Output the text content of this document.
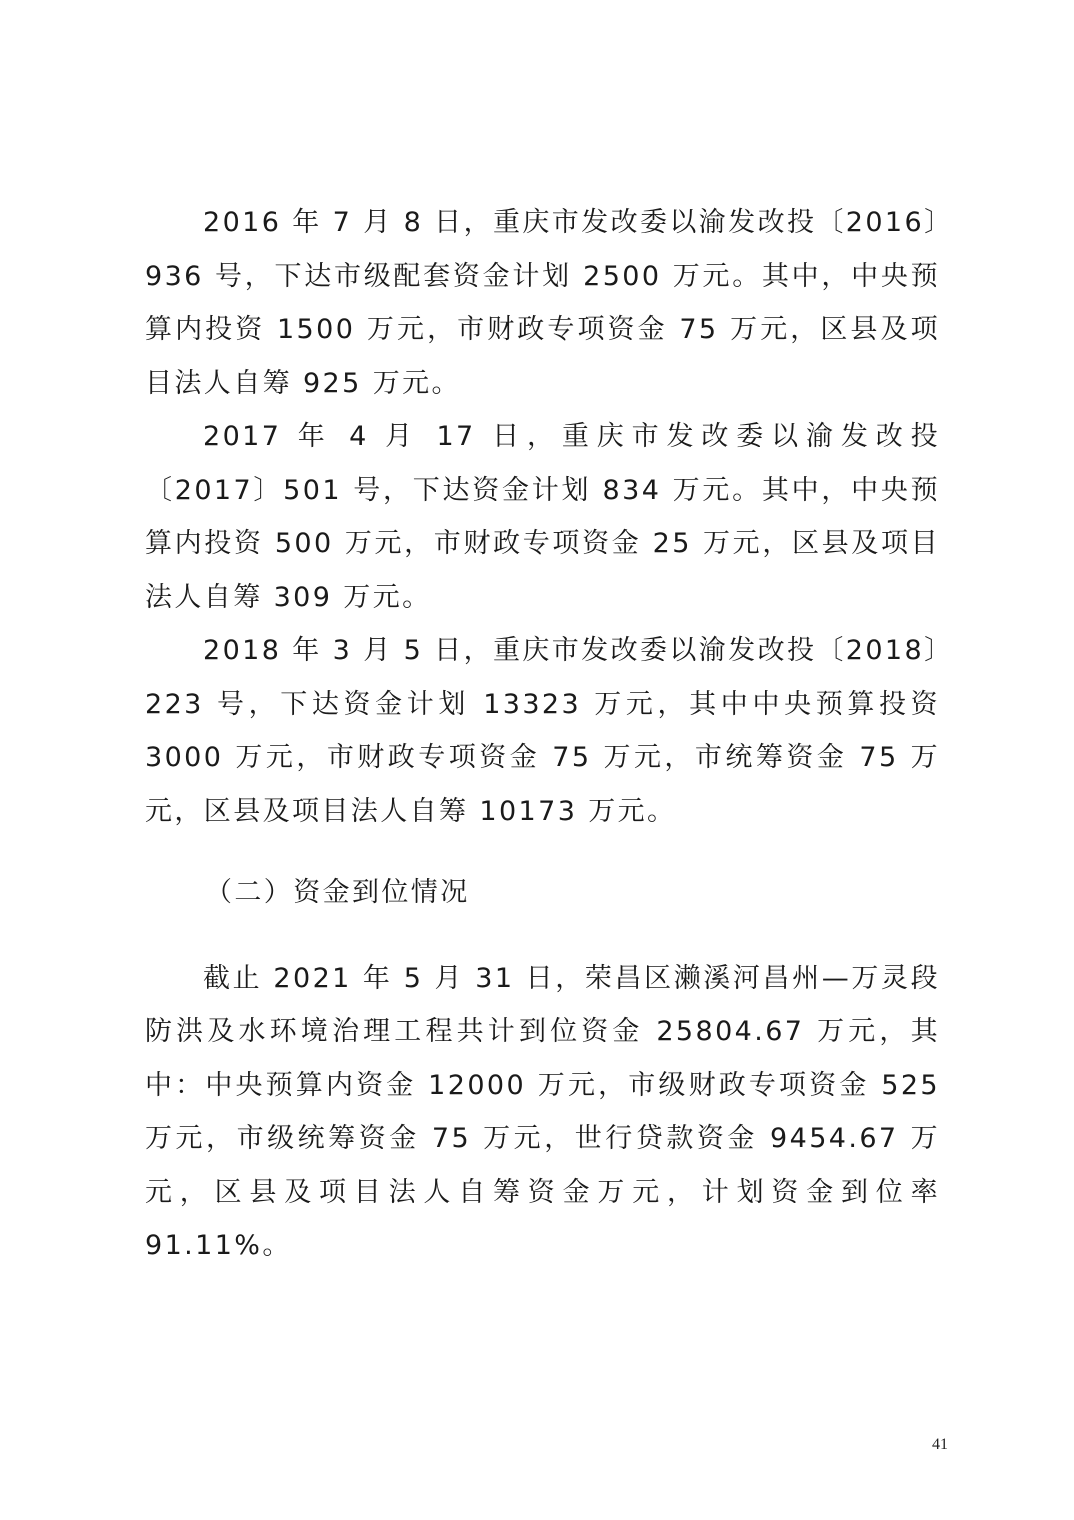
2016 年 7 月 8 日，重庆市发改委以渝发改投〔2016〕936 号，下达市级配套资金计划 2500 万元。其中，中央预算内投资 1500 万元，市财政专项资金 75 万元，区县及项目法人自筹 925 万元。

2017 年 4 月 17 日，重庆市发改委以渝发改投〔2017〕501 号，下达资金计划 834 万元。其中，中央预算内投资 500 万元，市财政专项资金 25 万元，区县及项目法人自筹 309 万元。

2018 年 3 月 5 日，重庆市发改委以渝发改投〔2018〕223 号，下达资金计划 13323 万元，其中中央预算投资 3000 万元，市财政专项资金 75 万元，市统筹资金 75 万元，区县及项目法人自筹 10173 万元。

（二）资金到位情况

截止 2021 年 5 月 31 日，荣昌区濑溪河昌州—万灵段防洪及水环境治理工程共计到位资金 25804.67 万元，其中：中央预算内资金 12000 万元，市级财政专项资金 525 万元，市级统筹资金 75 万元，世行贷款资金 9454.67 万元，区县及项目法人自筹资金万元，计划资金到位率 91.11%。

41
